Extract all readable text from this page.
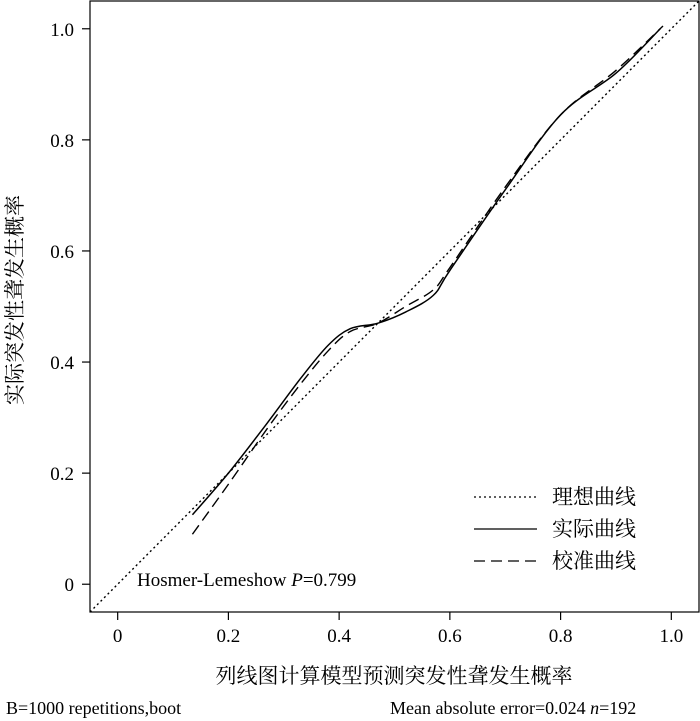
0	0.2	0.4	0.6	0.8	1.0
0
0.2
0.4
0.6
0.8
1.0
理想曲线
实际曲线
校准曲线
Hosmer-Lemeshow P=0.799
列线图计算模型预测突发性聋发生概率
实际突发性聋发生概率
B=1000 repetitions,boot	Mean absolute error=0.024 n=192
